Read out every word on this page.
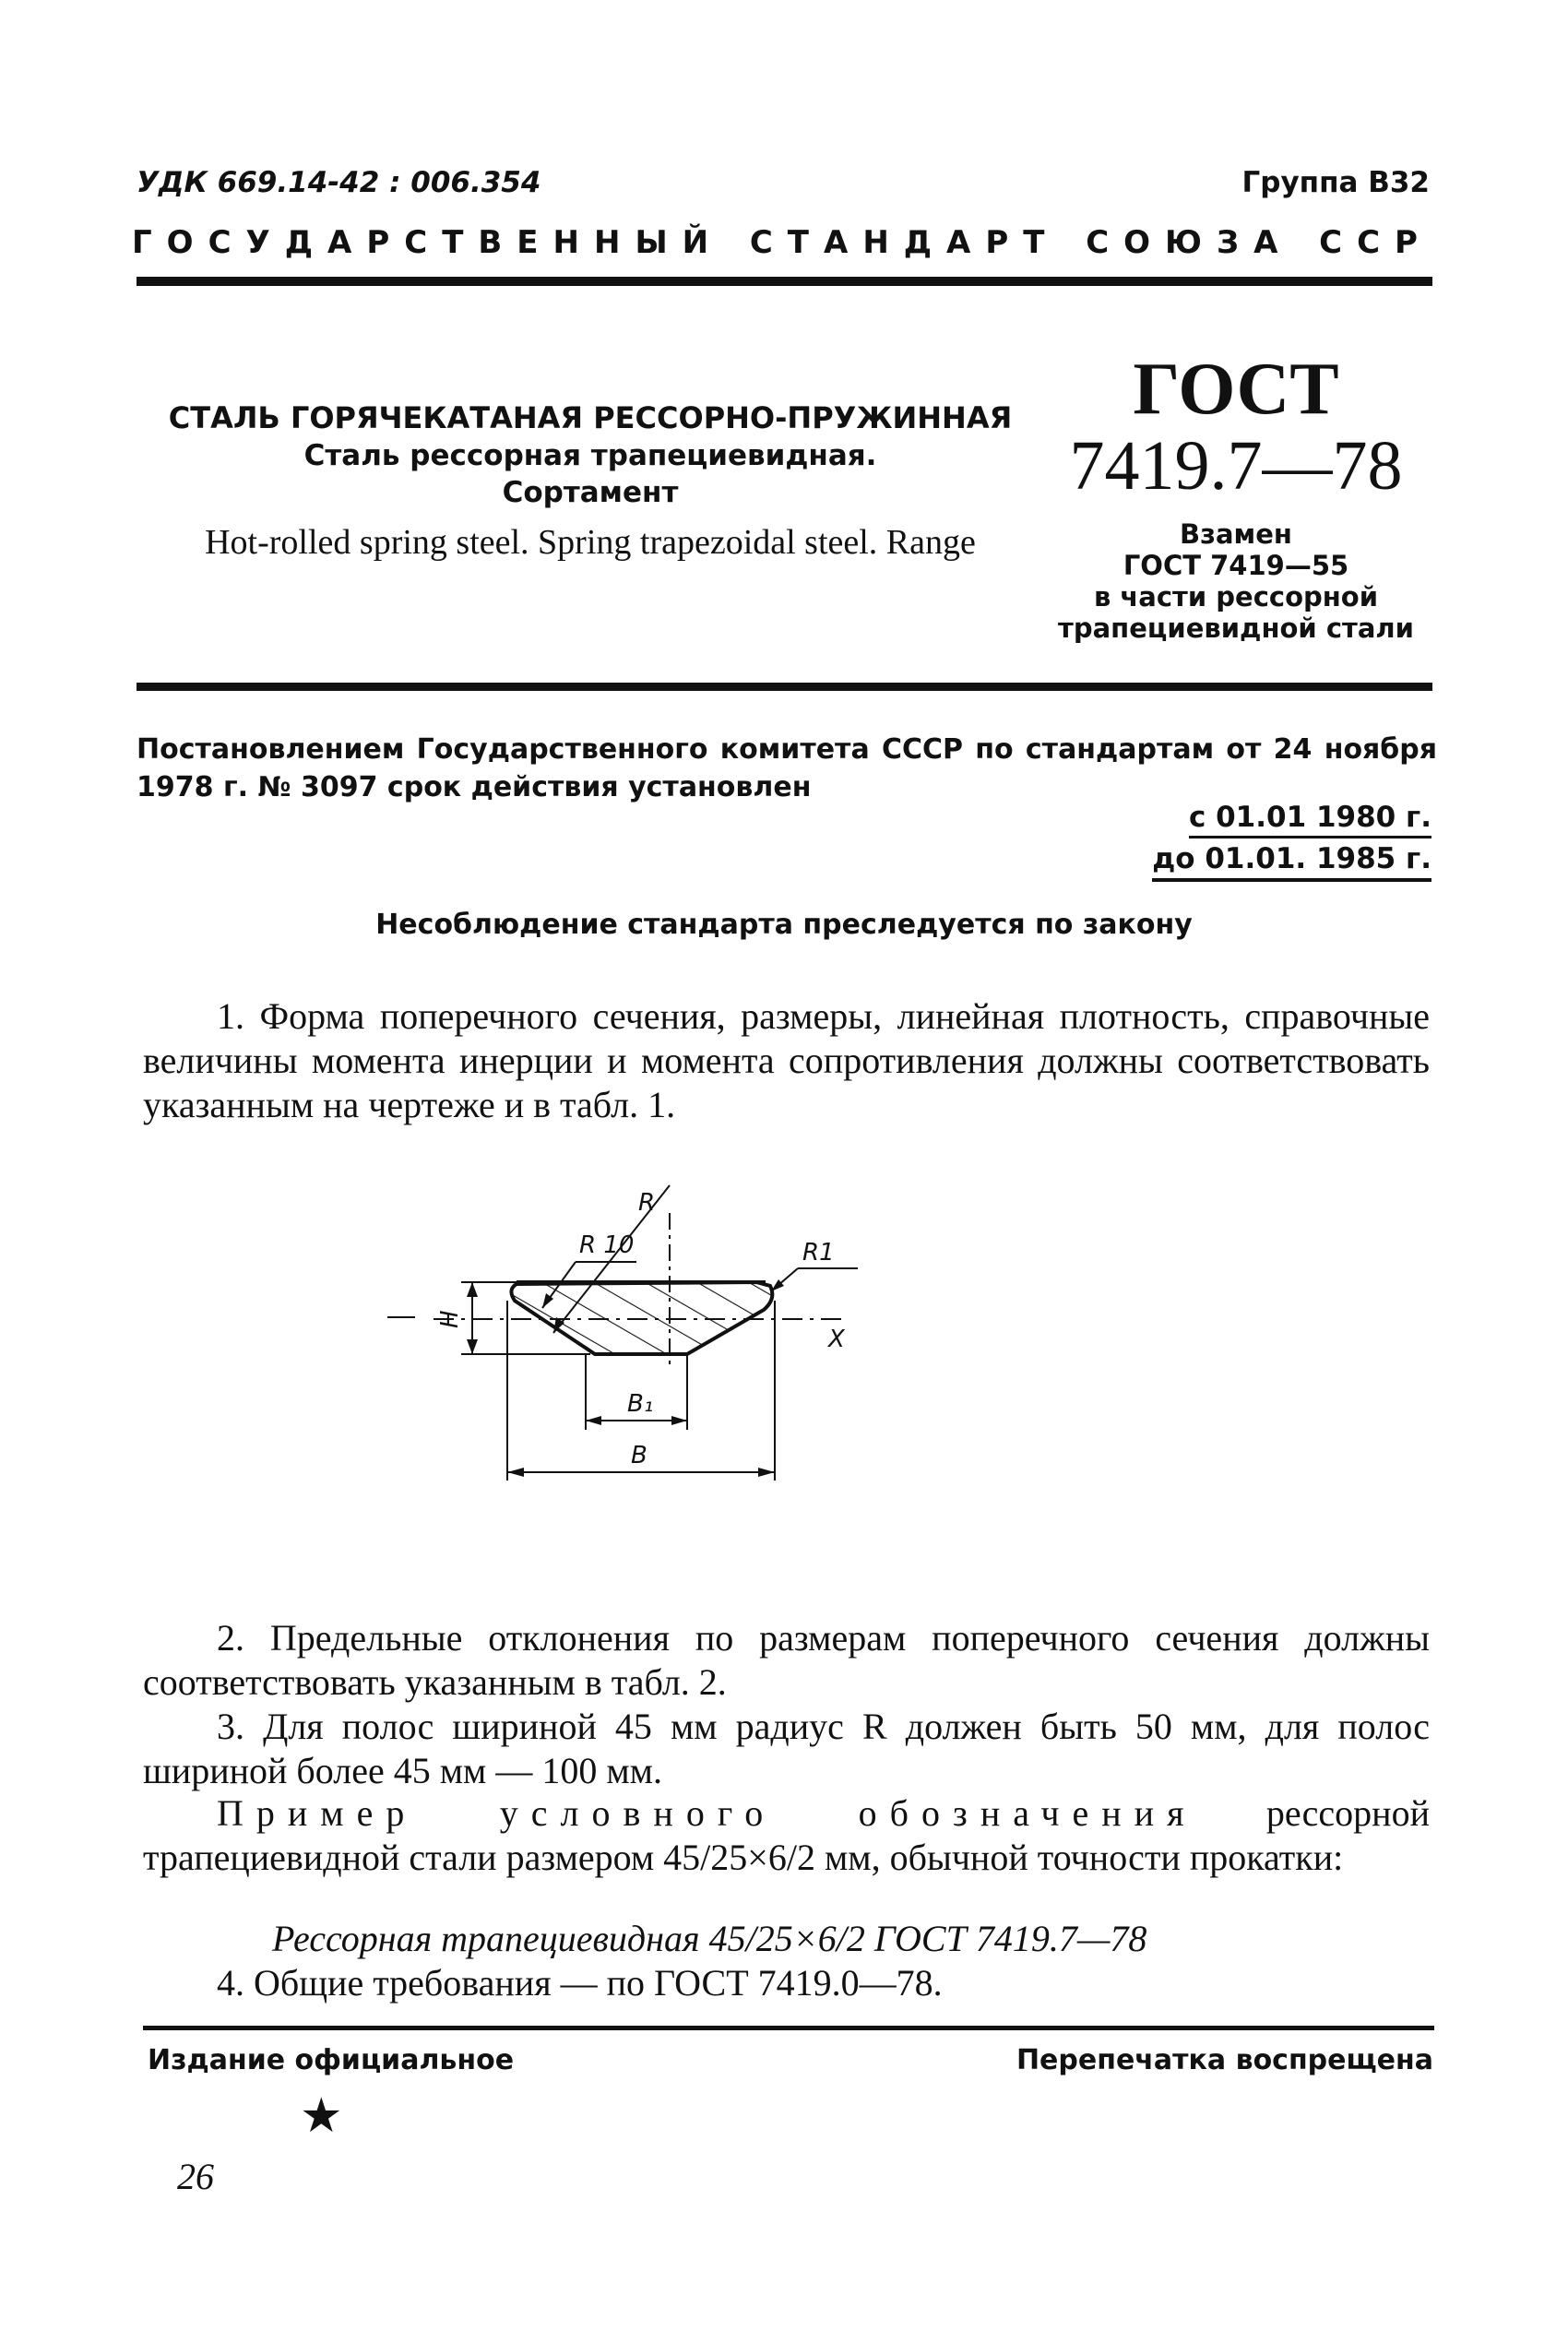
УДК 669.14-42 : 006.354	Группа В32
ГОСУДАРСТВЕННЫЙ СТАНДАРТ СОЮЗА ССР
СТАЛЬ ГОРЯЧЕКАТАНАЯ РЕССОРНО-ПРУЖИННАЯ
Сталь рессорная трапециевидная.
Сортамент
Hot-rolled spring steel. Spring trapezoidal steel. Range
ГОСТ
7419.7—78
Взамен
ГОСТ 7419—55
в части рессорной
трапециевидной стали
Постановлением Государственного комитета СССР по стандартам от 24 ноября 1978 г. № 3097 срок действия установлен
с 01.01 1980 г.
до 01.01. 1985 г.
Несоблюдение стандарта преследуется по закону
1. Форма поперечного сечения, размеры, линейная плотность, справочные величины момента инерции и момента сопротивления должны соответствовать указанным на чертеже и в табл. 1.
X
H
B₁
B
R
R 10	R1
2. Предельные отклонения по размерам поперечного сечения должны соответствовать указанным в табл. 2.
3. Для полос шириной 45 мм радиус R должен быть 50 мм, для полос шириной более 45 мм — 100 мм.
Пример условного обозначения рессорной трапециевидной стали размером 45/25×6/2 мм, обычной точности прокатки:
Рессорная трапециевидная 45/25×6/2 ГОСТ 7419.7—78
4. Общие требования — по ГОСТ 7419.0—78.
Издание официальное	Перепечатка воспрещена
★
26
